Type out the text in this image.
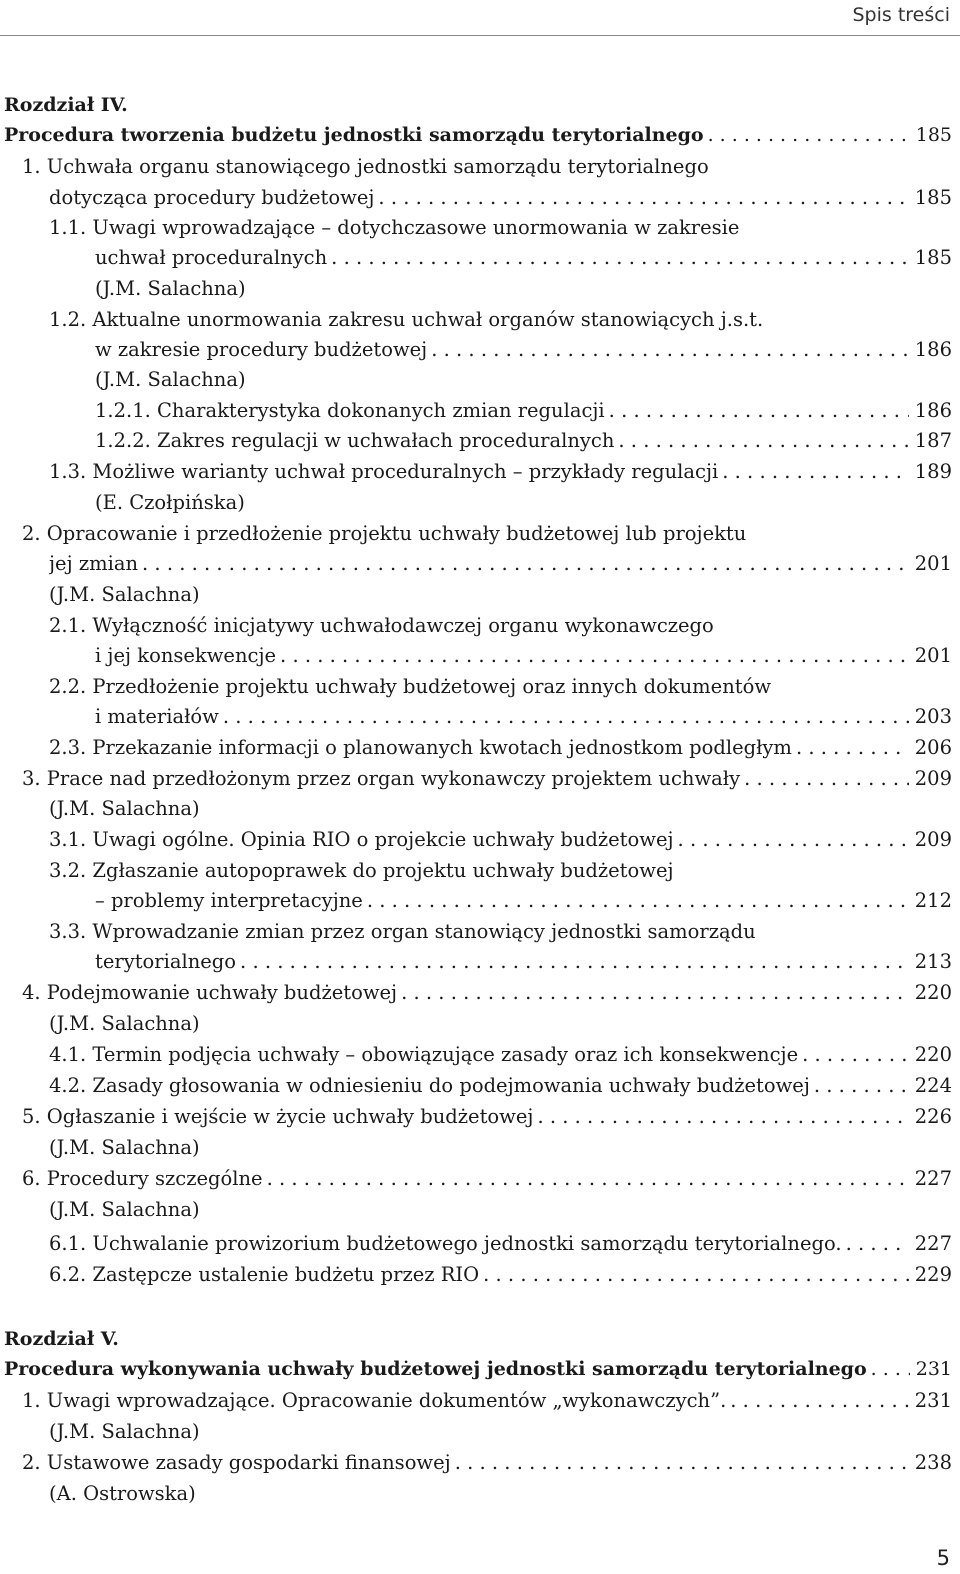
Spis treści
Rozdział IV.
Procedura tworzenia budżetu jednostki samorządu terytorialnego . . .	185
1. Uchwała organu stanowiącego jednostki samorządu terytorialnego
dotycząca procedury budżetowej . . .	185
1.1. Uwagi wprowadzające – dotychczasowe unormowania w zakresie
uchwał proceduralnych . . .	185
(J.M. Salachna)
1.2. Aktualne unormowania zakresu uchwał organów stanowiących j.s.t.
w zakresie procedury budżetowej . . .	186
(J.M. Salachna)
1.2.1. Charakterystyka dokonanych zmian regulacji . . .	186
1.2.2. Zakres regulacji w uchwałach proceduralnych . . .	187
1.3. Możliwe warianty uchwał proceduralnych – przykłady regulacji . . .	189
(E. Czołpińska)
2. Opracowanie i przedłożenie projektu uchwały budżetowej lub projektu
jej zmian . . .	201
(J.M. Salachna)
2.1. Wyłączność inicjatywy uchwałodawczej organu wykonawczego
i jej konsekwencje . . .	201
2.2. Przedłożenie projektu uchwały budżetowej oraz innych dokumentów
i materiałów . . .	203
2.3. Przekazanie informacji o planowanych kwotach jednostkom podległym . . .	206
3. Prace nad przedłożonym przez organ wykonawczy projektem uchwały . . .	209
(J.M. Salachna)
3.1. Uwagi ogólne. Opinia RIO o projekcie uchwały budżetowej . . .	209
3.2. Zgłaszanie autopoprawek do projektu uchwały budżetowej
– problemy interpretacyjne . . .	212
3.3. Wprowadzanie zmian przez organ stanowiący jednostki samorządu
terytorialnego . . .	213
4. Podejmowanie uchwały budżetowej . . .	220
(J.M. Salachna)
4.1. Termin podjęcia uchwały – obowiązujące zasady oraz ich konsekwencje . . .	220
4.2. Zasady głosowania w odniesieniu do podejmowania uchwały budżetowej . . .	224
5. Ogłaszanie i wejście w życie uchwały budżetowej . . .	226
(J.M. Salachna)
6. Procedury szczególne . . .	227
(J.M. Salachna)
6.1. Uchwalanie prowizorium budżetowego jednostki samorządu terytorialnego. . . .	227
6.2. Zastępcze ustalenie budżetu przez RIO . . .	229
Rozdział V.
Procedura wykonywania uchwały budżetowej jednostki samorządu terytorialnego . . .	231
1. Uwagi wprowadzające. Opracowanie dokumentów „wykonawczych”. . . .	231
(J.M. Salachna)
2. Ustawowe zasady gospodarki finansowej . . .	238
(A. Ostrowska)
5
